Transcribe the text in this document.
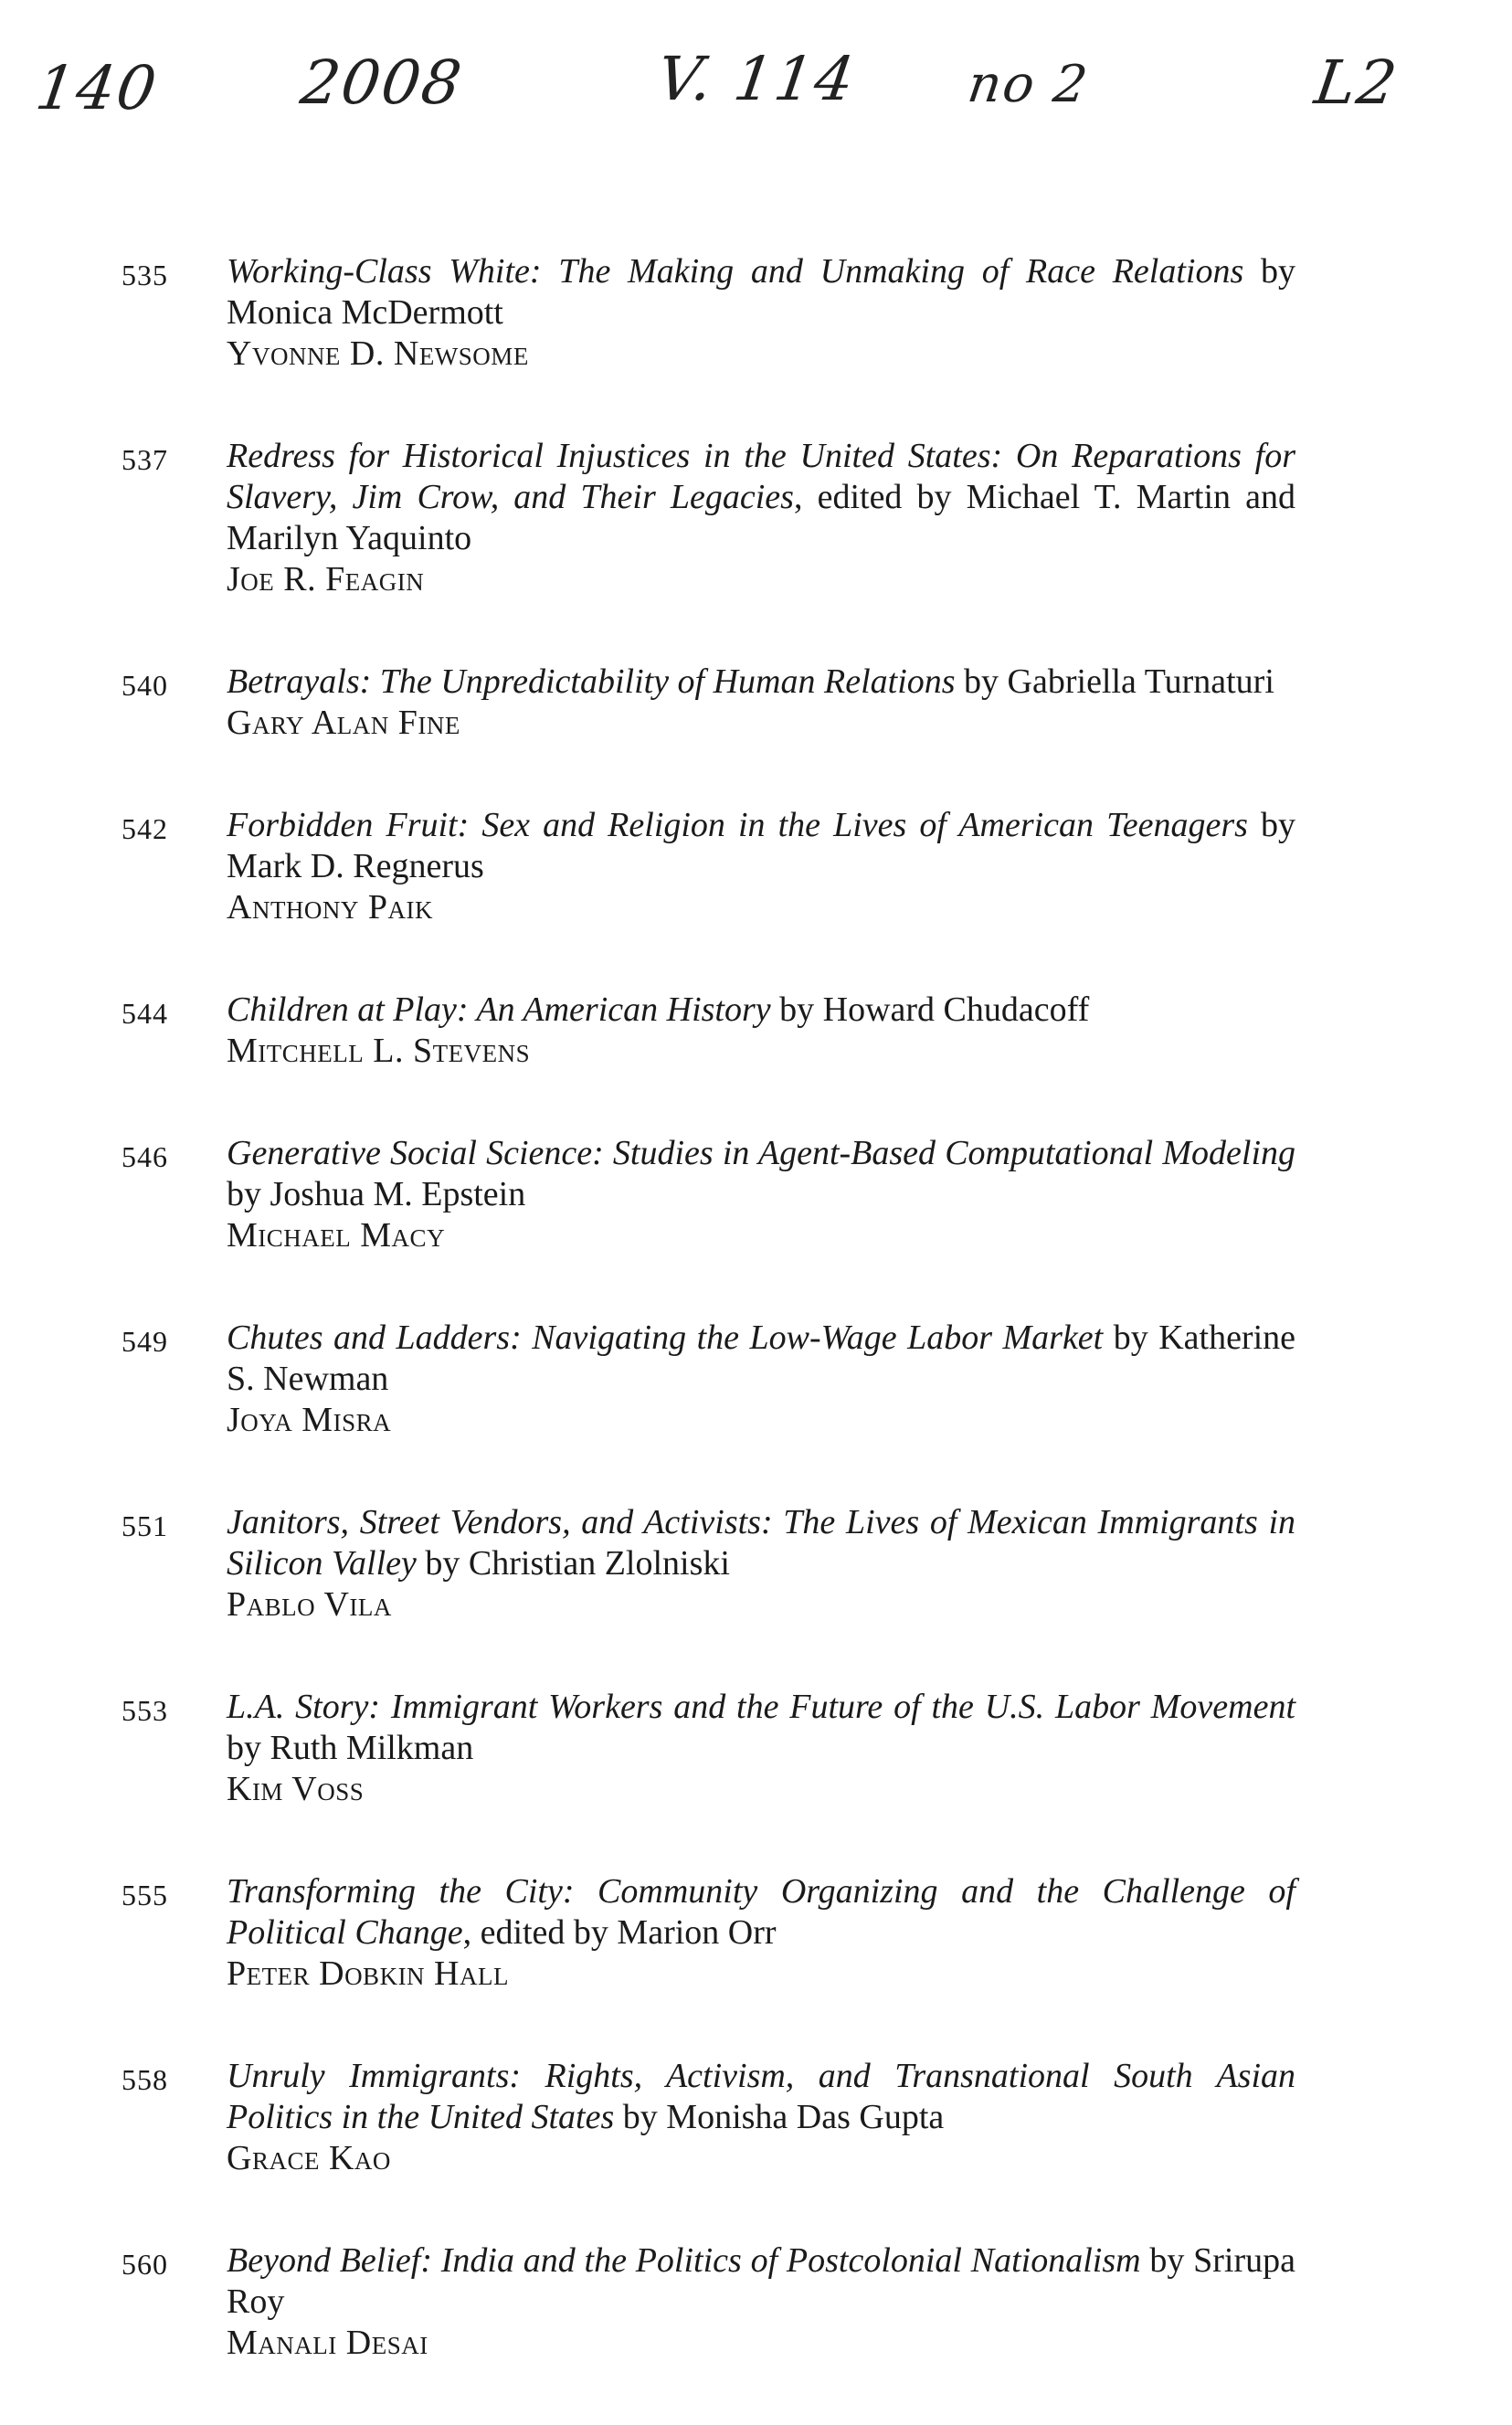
140 2008	V. 114 no 2	L2
535	Working-Class White: The Making and Unmaking of Race Relations by Monica McDermott
Yvonne D. Newsome
537	Redress for Historical Injustices in the United States: On Reparations for Slavery, Jim Crow, and Their Legacies, edited by Michael T. Martin and Marilyn Yaquinto
Joe R. Feagin
540	Betrayals: The Unpredictability of Human Relations by Gabriella Turnaturi
Gary Alan Fine
542	Forbidden Fruit: Sex and Religion in the Lives of American Teenagers by Mark D. Regnerus
Anthony Paik
544	Children at Play: An American History by Howard Chudacoff
Mitchell L. Stevens
546	Generative Social Science: Studies in Agent-Based Computational Modeling by Joshua M. Epstein
Michael Macy
549	Chutes and Ladders: Navigating the Low-Wage Labor Market by Katherine S. Newman
Joya Misra
551	Janitors, Street Vendors, and Activists: The Lives of Mexican Immigrants in Silicon Valley by Christian Zlolniski
Pablo Vila
553	L.A. Story: Immigrant Workers and the Future of the U.S. Labor Movement by Ruth Milkman
Kim Voss
555	Transforming the City: Community Organizing and the Challenge of Political Change, edited by Marion Orr
Peter Dobkin Hall
558	Unruly Immigrants: Rights, Activism, and Transnational South Asian Politics in the United States by Monisha Das Gupta
Grace Kao
560	Beyond Belief: India and the Politics of Postcolonial Nationalism by Srirupa Roy
Manali Desai
